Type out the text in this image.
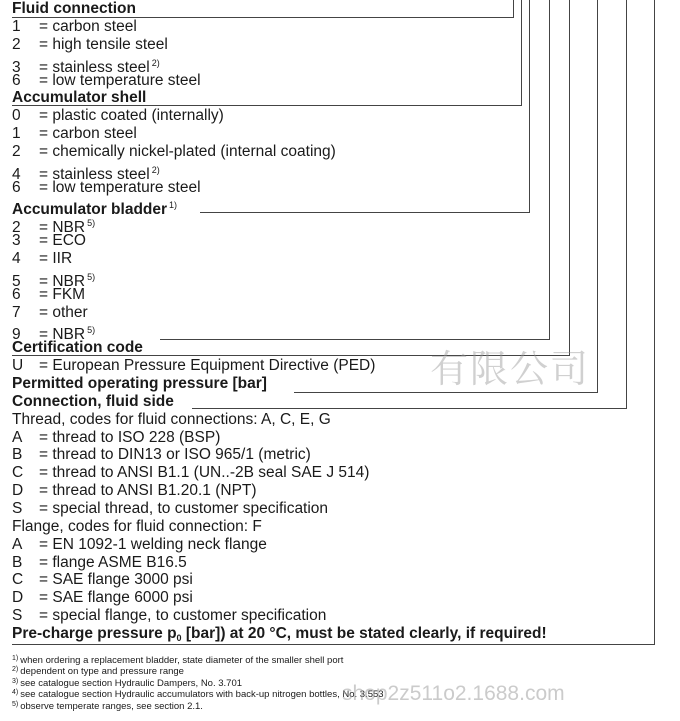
Fluid connection
1 = carbon steel
2 = high tensile steel
3 = stainless steel $^{2)}$
6 = low temperature steel
Accumulator shell
0 = plastic coated (internally)
1 = carbon steel
2 = chemically nickel-plated (internal coating)
4 = stainless steel $^{2)}$
6 = low temperature steel
Accumulator bladder $^{1)}$
2 = NBR $^{5)}$
3 = ECO
4 = IIR
5 = NBR $^{5)}$
6 = FKM
7 = other
9 = NBR $^{5)}$
Certification code
U = European Pressure Equipment Directive (PED)
Permitted operating pressure [bar]
Connection, fluid side
Thread, codes for fluid connections: A, C, E, G
A = thread to ISO 228 (BSP)
B = thread to DIN13 or ISO 965/1 (metric)
C = thread to ANSI B1.1 (UN..-2B seal SAE J 514)
D = thread to ANSI B1.20.1 (NPT)
S = special thread, to customer specification
Flange, codes for fluid connection: F
A = EN 1092-1 welding neck flange
B = flange ASME B16.5
C = SAE flange 3000 psi
D = SAE flange 6000 psi
S = special flange, to customer specification
Pre-charge pressure $p_0$ [bar]) at 20 °C, must be stated clearly, if required!
$^{1)}$ when ordering a replacement bladder, state diameter of the smaller shell port
$^{2)}$ dependent on type and pressure range
$^{3)}$ see catalogue section Hydraulic Dampers, No. 3.701
$^{4)}$ see catalogue section Hydraulic accumulators with back-up nitrogen bottles, No. 3.553
$^{5)}$ observe temperate ranges, see section 2.1.
有限公司
shop2z511o2.1688.com
